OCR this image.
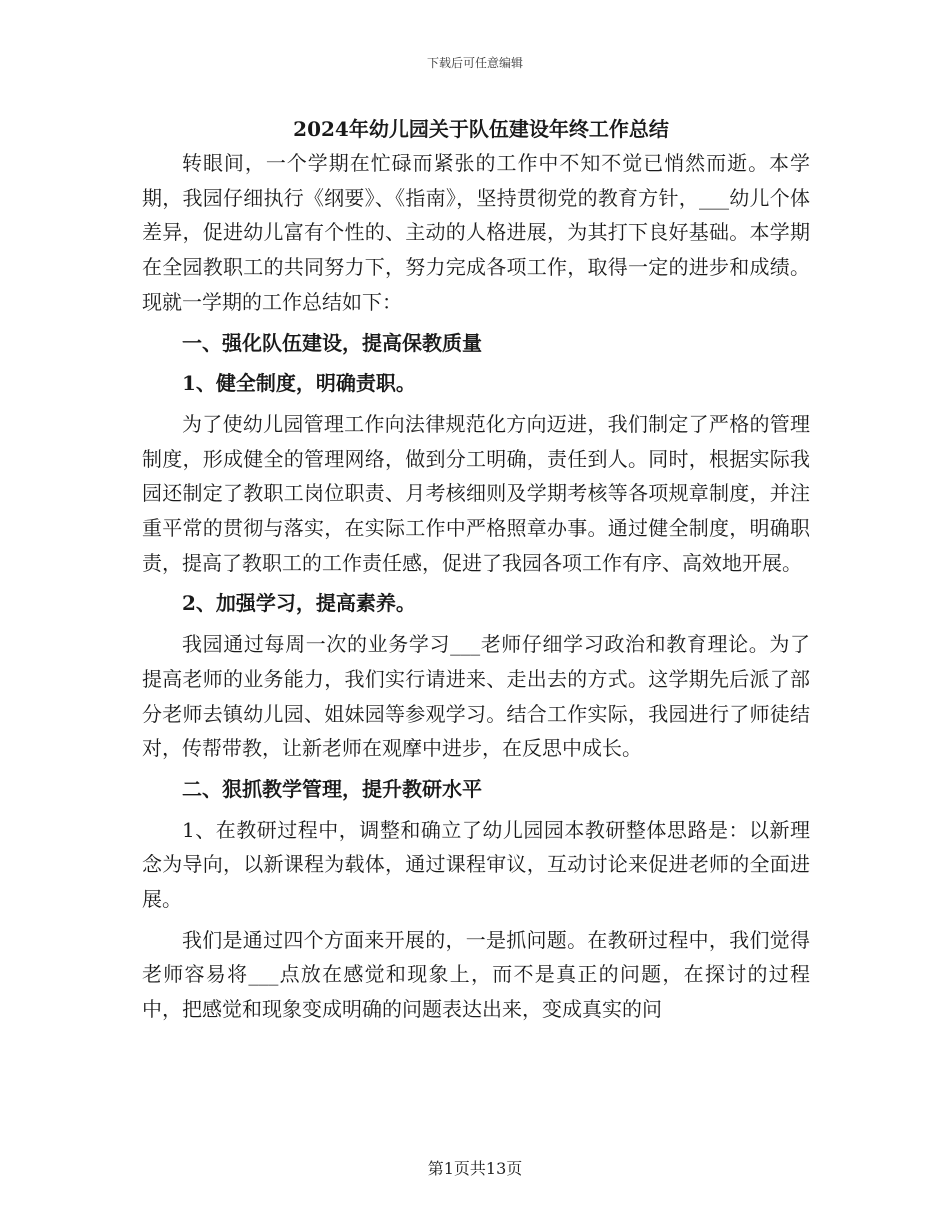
下载后可任意编辑
2024年幼儿园关于队伍建设年终工作总结

转眼间，一个学期在忙碌而紧张的工作中不知不觉已悄然而逝。本学期，我园仔细执行《纲要》、《指南》，坚持贯彻党的教育方针，___幼儿个体差异，促进幼儿富有个性的、主动的人格进展，为其打下良好基础。本学期在全园教职工的共同努力下，努力完成各项工作，取得一定的进步和成绩。现就一学期的工作总结如下：

一、强化队伍建设，提高保教质量

1、健全制度，明确责职。

为了使幼儿园管理工作向法律规范化方向迈进，我们制定了严格的管理制度，形成健全的管理网络，做到分工明确，责任到人。同时，根据实际我园还制定了教职工岗位职责、月考核细则及学期考核等各项规章制度，并注重平常的贯彻与落实，在实际工作中严格照章办事。通过健全制度，明确职责，提高了教职工的工作责任感，促进了我园各项工作有序、高效地开展。

2、加强学习，提高素养。

我园通过每周一次的业务学习___老师仔细学习政治和教育理论。为了提高老师的业务能力，我们实行请进来、走出去的方式。这学期先后派了部分老师去镇幼儿园、姐妹园等参观学习。结合工作实际，我园进行了师徒结对，传帮带教，让新老师在观摩中进步，在反思中成长。

二、狠抓教学管理，提升教研水平

1、在教研过程中，调整和确立了幼儿园园本教研整体思路是：以新理念为导向，以新课程为载体，通过课程审议，互动讨论来促进老师的全面进展。

我们是通过四个方面来开展的，一是抓问题。在教研过程中，我们觉得老师容易将___点放在感觉和现象上，而不是真正的问题，在探讨的过程中，把感觉和现象变成明确的问题表达出来，变成真实的问

第1页共13页
